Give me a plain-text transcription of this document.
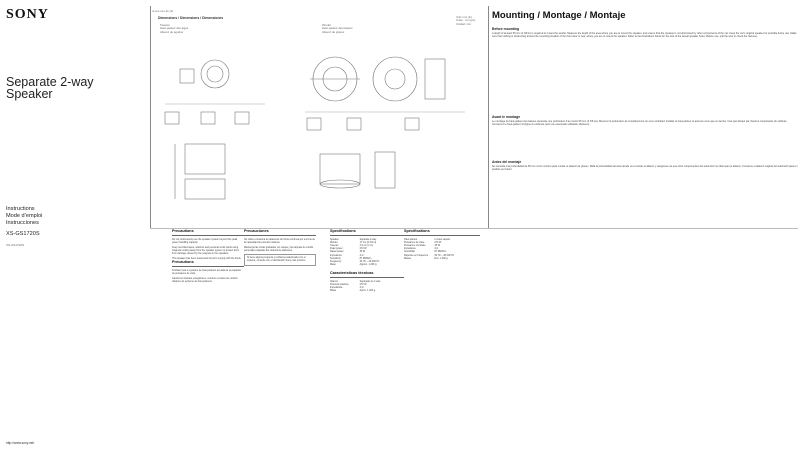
SONY	4-xxx-xxx-11 (1)
Separate 2-way
Speaker
Instructions
Mode d’emploi
Instrucciones
XS-GS1720S
XS-GS1720S
http://www.sony.net/
Dimensions / Dimensions / Dimensiones	Unit: mm (in)
Unité : mm (po)
Unidad: mm
Tweeter
Haut-parleur des aigus
Altavoz de agudos
Woofer
Haut-parleur des basses
Altavoz de graves
Mounting / Montage / Montaje
Before mounting
A depth of at least 59 mm (2 3/8 in) is required to mount the woofer. Measure the depth of the area where you are to mount the speaker, and ensure that the speaker is not obstructed by other components of the car. Keep the car’s original speaker for possible future use. Make sure that nothing is obstructing around the mounting location of the front door or rear, where you are to mount the speaker. Refer to the illustrations below for the size of the actual speaker holes. Before use, pull the wire to check the harness.
Avant le montage
Le montage du haut-parleur des basses nécessite une profondeur d’au moins 59 mm (2 3/8 po). Mesurez la profondeur de l’emplacement où vous souhaitez installer le haut-parleur et assurez-vous que ce dernier n’est pas bloqué par d’autres composants du véhicule. Conservez le haut-parleur d’origine du véhicule pour une éventuelle utilisation ultérieure.
Antes del montaje
Se necesita una profundidad de 59 mm como mínimo para montar el altavoz de graves. Mida la profundidad del área donde va a montar el altavoz y asegúrese de que otros componentes del automóvil no obstruyan el altavoz. Conserve el altavoz original del automóvil para un posible uso futuro.
Precautions

Do not continuously use the speaker system beyond the peak power handling capacity.

Keep recorded tapes, watches and personal credit cards using magnetic coding away from the speaker system to protect them from damage caused by the magnets in the speakers.

This speaker has been tested and found to comply with the limits.

Précautions

N’utilisez pas le système de haut-parleurs au-delà de sa capacité de puissance de crête.

Gardez les bandes enregistrées, montres et cartes de crédit à distance du système de haut-parleurs.

Precauciones

No utilice el sistema de altavoces de forma continua por encima de la capacidad de potencia máxima.

Mantenga las cintas grabadas, los relojes y las tarjetas de crédito personales alejadas del sistema de altavoces.

Si tiene alguna pregunta o problema relacionado con el sistema, consulte con el distribuidor Sony más próximo.

Specifications
Speaker	Separate 2-way
Woofer	17 cm (6 3/4 in)
Tweeter	2.5 cm (1 in)
Peak power	270 W
Rated power	45 W
Impedance	4 Ω
Sensitivity	87 dB/W/m
Frequency	30 Hz – 40,000 Hz
Mass	Approx. 1,400 g
Características técnicas
Altavoz	Separado de 2 vías
Potencia máxima	270 W
Impedancia	4 Ω
Masa	Aprox. 1 400 g
Spécifications
Haut-parleur	2 voies séparé
Puissance de crête	270 W
Puissance nominale	45 W
Impédance	4 Ω
Sensibilité	87 dB/W/m
Réponse en fréquence	30 Hz – 40 000 Hz
Masse	Env. 1 400 g
